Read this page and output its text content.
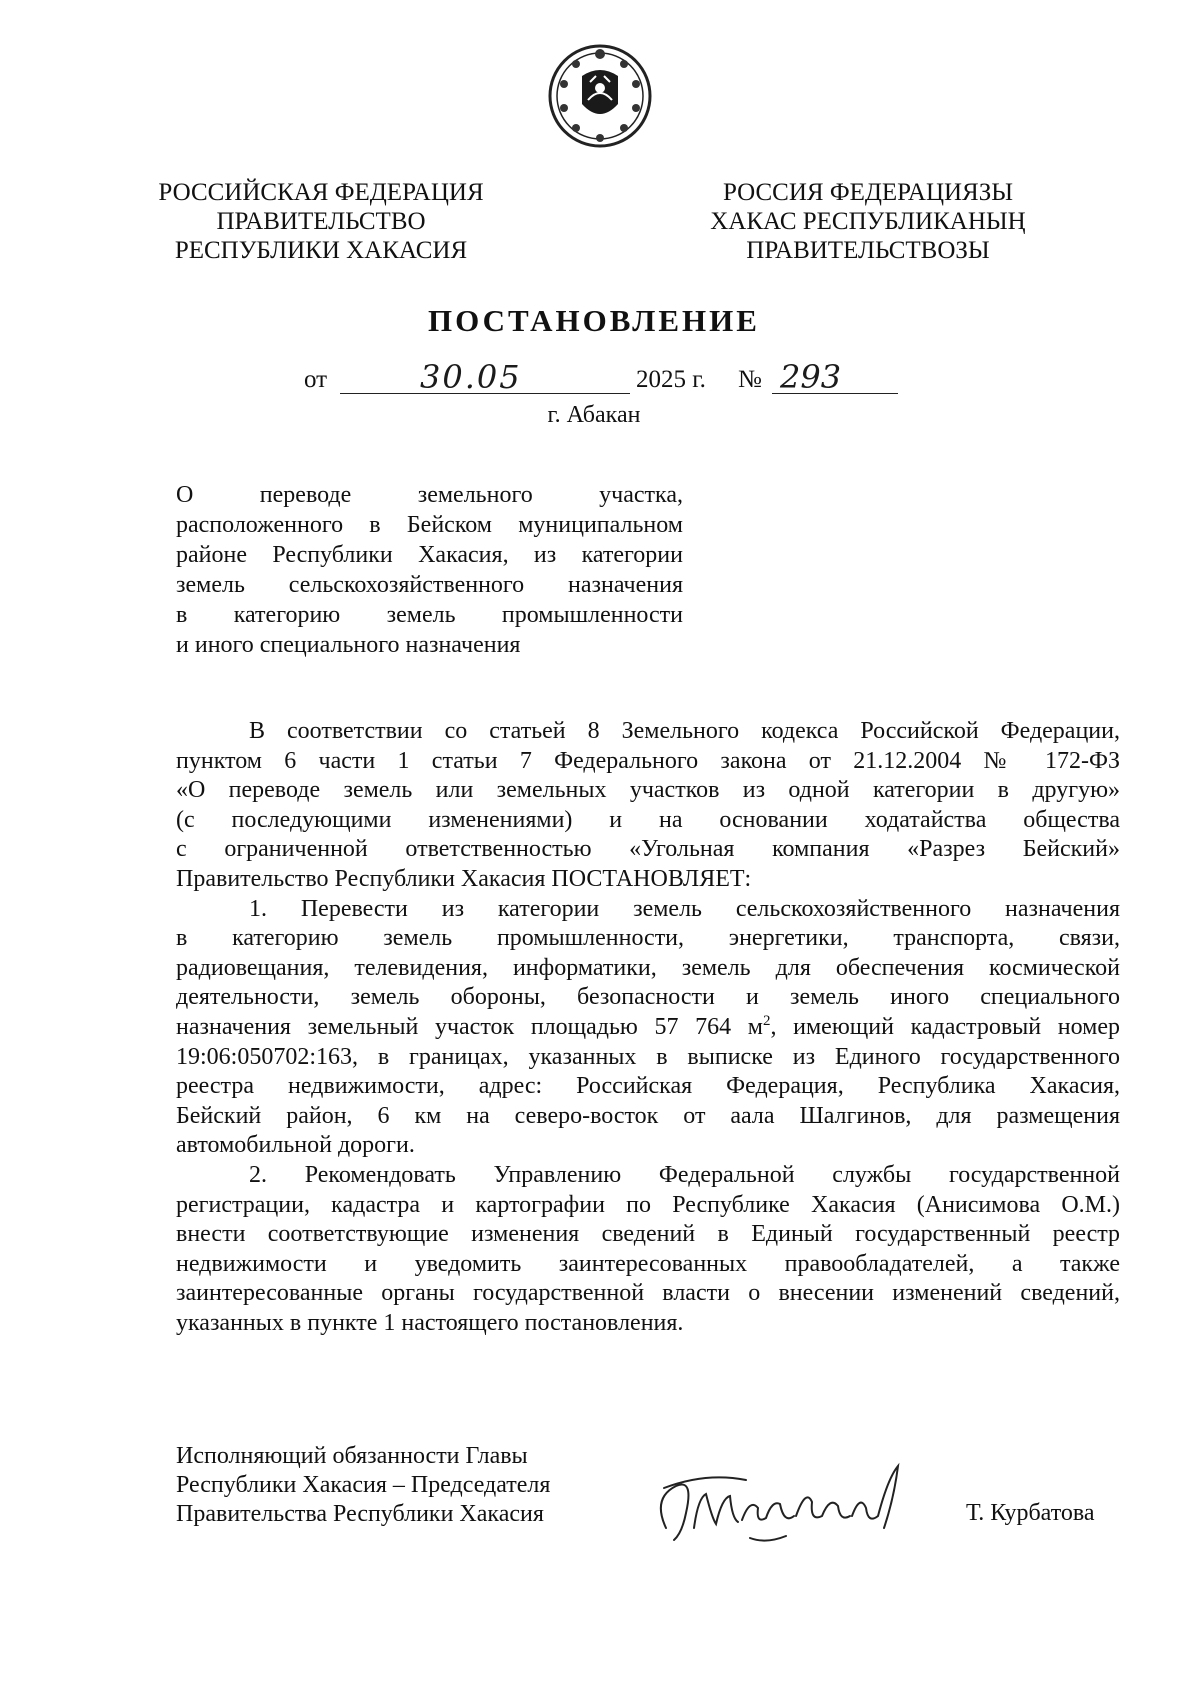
РОССИЙСКАЯ ФЕДЕРАЦИЯ
ПРАВИТЕЛЬСТВО
РЕСПУБЛИКИ ХАКАСИЯ
РОССИЯ ФЕДЕРАЦИЯЗЫ
ХАКАС РЕСПУБЛИКАНЫҢ
ПРАВИТЕЛЬСТВОЗЫ
ПОСТАНОВЛЕНИЕ
от	30.05	2025 г. № 293
г. Абакан
О переводе земельного участка,
расположенного в Бейском муниципальном
районе Республики Хакасия, из категории
земель сельскохозяйственного назначения
в категорию земель промышленности
и иного специального назначения
В соответствии со статьей 8 Земельного кодекса Российской Федерации,
пунктом 6 части 1 статьи 7 Федерального закона от 21.12.2004 № 172-ФЗ
«О переводе земель или земельных участков из одной категории в другую»
(с последующими изменениями) и на основании ходатайства общества
с ограниченной ответственностью «Угольная компания «Разрез Бейский»
Правительство Республики Хакасия ПОСТАНОВЛЯЕТ:
1. Перевести из категории земель сельскохозяйственного назначения
в категорию земель промышленности, энергетики, транспорта, связи,
радиовещания, телевидения, информатики, земель для обеспечения космической
деятельности, земель обороны, безопасности и земель иного специального
назначения земельный участок площадью 57 764 $м^2$, имеющий кадастровый номер
19:06:050702:163, в границах, указанных в выписке из Единого государственного
реестра недвижимости, адрес: Российская Федерация, Республика Хакасия,
Бейский район, 6 км на северо-восток от аала Шалгинов, для размещения
автомобильной дороги.
2. Рекомендовать Управлению Федеральной службы государственной
регистрации, кадастра и картографии по Республике Хакасия (Анисимова О.М.)
внести соответствующие изменения сведений в Единый государственный реестр
недвижимости и уведомить заинтересованных правообладателей, а также
заинтересованные органы государственной власти о внесении изменений сведений,
указанных в пункте 1 настоящего постановления.
Исполняющий обязанности Главы
Республики Хакасия – Председателя
Правительства Республики Хакасия	Т. Курбатова
